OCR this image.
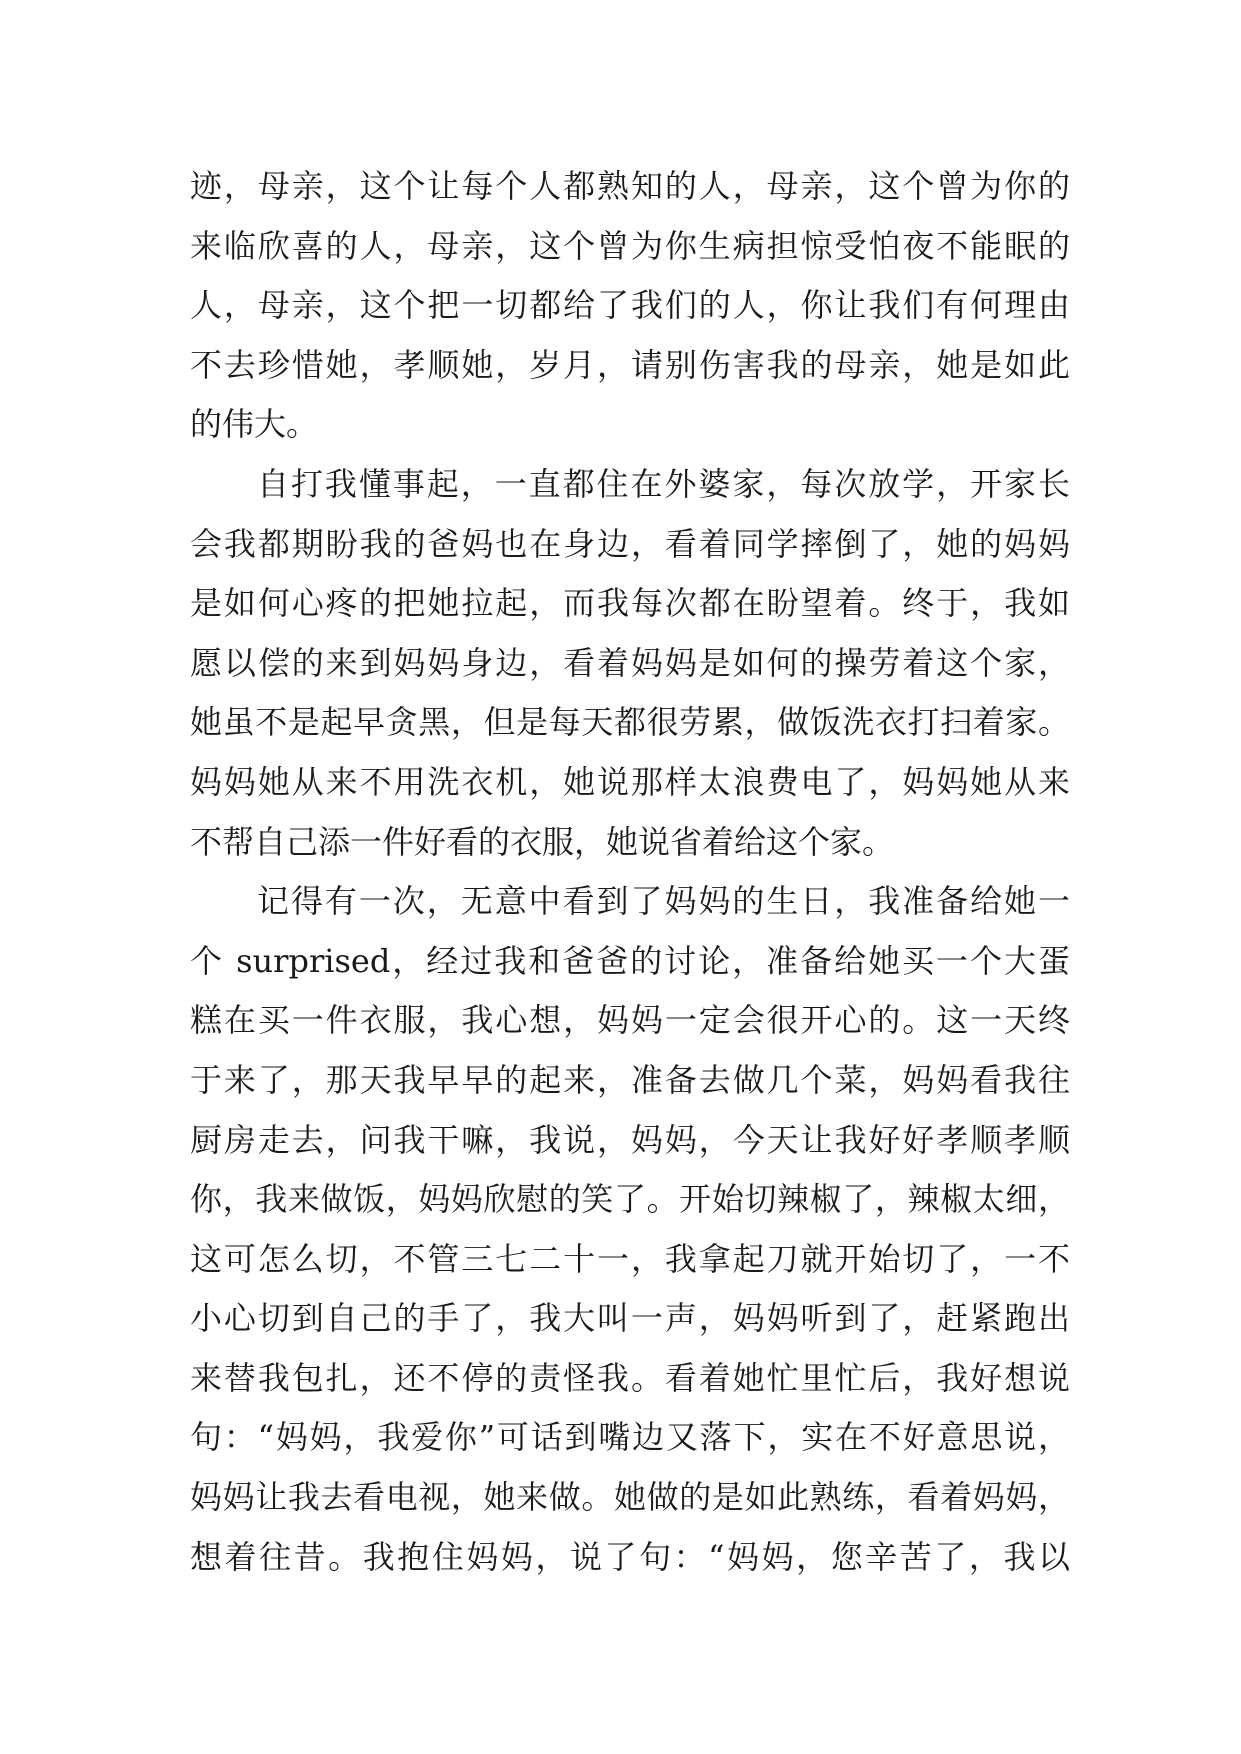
迹，母亲，这个让每个人都熟知的人，母亲，这个曾为你的
来临欣喜的人，母亲，这个曾为你生病担惊受怕夜不能眠的
人，母亲，这个把一切都给了我们的人，你让我们有何理由
不去珍惜她，孝顺她，岁月，请别伤害我的母亲，她是如此
的伟大。
自打我懂事起，一直都住在外婆家，每次放学，开家长
会我都期盼我的爸妈也在身边，看着同学摔倒了，她的妈妈
是如何心疼的把她拉起，而我每次都在盼望着。终于，我如
愿以偿的来到妈妈身边，看着妈妈是如何的操劳着这个家，
她虽不是起早贪黑，但是每天都很劳累，做饭洗衣打扫着家。
妈妈她从来不用洗衣机，她说那样太浪费电了，妈妈她从来
不帮自己添一件好看的衣服，她说省着给这个家。
记得有一次，无意中看到了妈妈的生日，我准备给她一
个 surprised，经过我和爸爸的讨论，准备给她买一个大蛋
糕在买一件衣服，我心想，妈妈一定会很开心的。这一天终
于来了，那天我早早的起来，准备去做几个菜，妈妈看我往
厨房走去，问我干嘛，我说，妈妈，今天让我好好孝顺孝顺
你，我来做饭，妈妈欣慰的笑了。开始切辣椒了，辣椒太细，
这可怎么切，不管三七二十一，我拿起刀就开始切了，一不
小心切到自己的手了，我大叫一声，妈妈听到了，赶紧跑出
来替我包扎，还不停的责怪我。看着她忙里忙后，我好想说
句：“妈妈，我爱你”可话到嘴边又落下，实在不好意思说，
妈妈让我去看电视，她来做。她做的是如此熟练，看着妈妈，
想着往昔。我抱住妈妈，说了句：“妈妈，您辛苦了，我以
